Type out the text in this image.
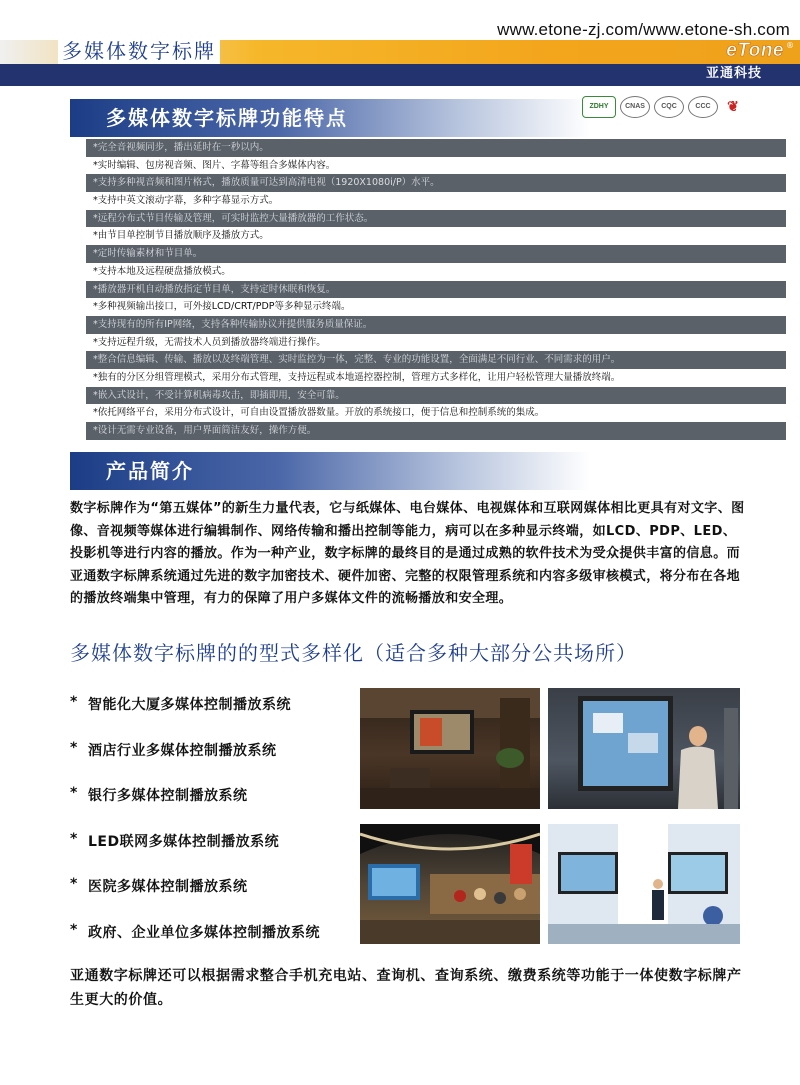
www.etone-zj.com/www.etone-sh.com
多媒体数字标牌	eTone ®
亚通科技
多媒体数字标牌功能特点	ZDHY	CNAS	CQC	CCC	❦
*完全音视频同步，播出延时在一秒以内。
*实时编辑、包房视音频、图片、字幕等组合多媒体内容。
*支持多种视音频和图片格式，播放质量可达到高清电视（1920X1080i/P）水平。
*支持中英文滚动字幕，多种字幕显示方式。
*远程分布式节目传输及管理，可实时监控大量播放器的工作状态。
*由节目单控制节目播放顺序及播放方式。
*定时传输素材和节目单。
*支持本地及远程硬盘播放模式。
*播放器开机自动播放指定节目单，支持定时休眠和恢复。
*多种视频输出接口，可外接LCD/CRT/PDP等多种显示终端。
*支持现有的所有IP网络，支持各种传输协议并提供服务质量保证。
*支持远程升级，无需技术人员到播放器终端进行操作。
*整合信息编辑、传输、播放以及终端管理、实时监控为一体，完整、专业的功能设置，全面满足不同行业、不同需求的用户。
*独有的分区分组管理模式，采用分布式管理，支持远程或本地遥控器控制，管理方式多样化，让用户轻松管理大量播放终端。
*嵌入式设计，不受计算机病毒攻击，即插即用，安全可靠。
*依托网络平台，采用分布式设计，可自由设置播放器数量。开放的系统接口，便于信息和控制系统的集成。
*设计无需专业设备，用户界面简洁友好，操作方便。
产品简介
数字标牌作为“第五媒体”的新生力量代表，它与纸媒体、电台媒体、电视媒体和互联网媒体相比更具有对文字、图像、音视频等媒体进行编辑制作、网络传输和播出控制等能力，病可以在多种显示终端，如LCD、PDP、LED、投影机等进行内容的播放。作为一种产业，数字标牌的最终目的是通过成熟的软件技术为受众提供丰富的信息。而亚通数字标牌系统通过先进的数字加密技术、硬件加密、完整的权限管理系统和内容多级审核模式，将分布在各地的播放终端集中管理，有力的保障了用户多媒体文件的流畅播放和安全理。
多媒体数字标牌的的型式多样化（适合多种大部分公共场所）
* 智能化大厦多媒体控制播放系统
* 酒店行业多媒体控制播放系统
* 银行多媒体控制播放系统
* LED联网多媒体控制播放系统
* 医院多媒体控制播放系统
* 政府、企业单位多媒体控制播放系统
亚通数字标牌还可以根据需求整合手机充电站、查询机、查询系统、缴费系统等功能于一体使数字标牌产生更大的价值。
